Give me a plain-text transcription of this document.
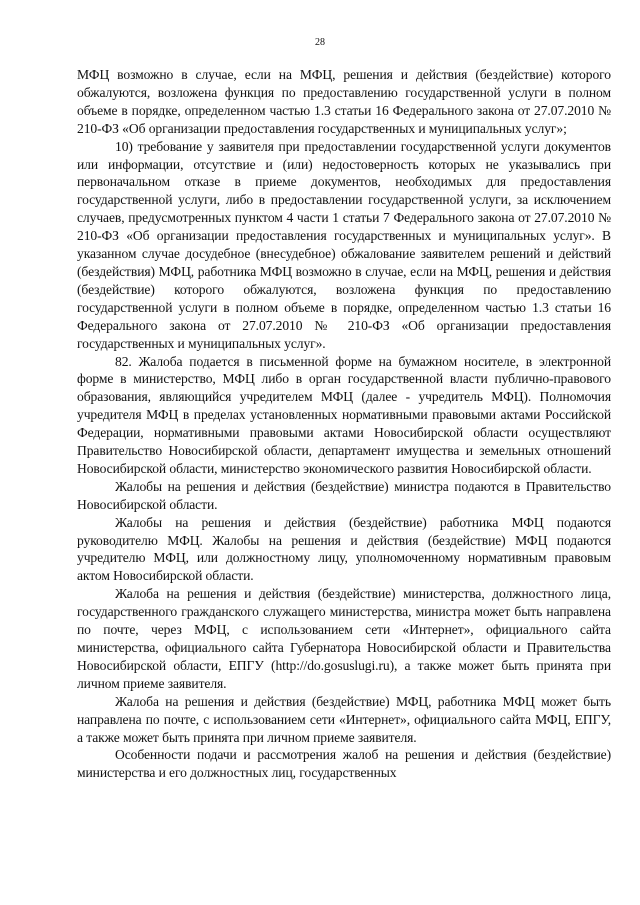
28

МФЦ возможно в случае, если на МФЦ, решения и действия (бездействие) которого обжалуются, возложена функция по предоставлению государственной услуги в полном объеме в порядке, определенном частью 1.3 статьи 16 Федерального закона от 27.07.2010 № 210-ФЗ «Об организации предоставления государственных и муниципальных услуг»;

10) требование у заявителя при предоставлении государственной услуги документов или информации, отсутствие и (или) недостоверность которых не указывались при первоначальном отказе в приеме документов, необходимых для предоставления государственной услуги, либо в предоставлении государственной услуги, за исключением случаев, предусмотренных пунктом 4 части 1 статьи 7 Федерального закона от 27.07.2010 № 210-ФЗ «Об организации предоставления государственных и муниципальных услуг». В указанном случае досудебное (внесудебное) обжалование заявителем решений и действий (бездействия) МФЦ, работника МФЦ возможно в случае, если на МФЦ, решения и действия (бездействие) которого обжалуются, возложена функция по предоставлению государственной услуги в полном объеме в порядке, определенном частью 1.3 статьи 16 Федерального закона от 27.07.2010 № 210-ФЗ «Об организации предоставления государственных и муниципальных услуг».

82. Жалоба подается в письменной форме на бумажном носителе, в электронной форме в министерство, МФЦ либо в орган государственной власти публично-правового образования, являющийся учредителем МФЦ (далее - учредитель МФЦ). Полномочия учредителя МФЦ в пределах установленных нормативными правовыми актами Российской Федерации, нормативными правовыми актами Новосибирской области осуществляют Правительство Новосибирской области, департамент имущества и земельных отношений Новосибирской области, министерство экономического развития Новосибирской области.

Жалобы на решения и действия (бездействие) министра подаются в Правительство Новосибирской области.

Жалобы на решения и действия (бездействие) работника МФЦ подаются руководителю МФЦ. Жалобы на решения и действия (бездействие) МФЦ подаются учредителю МФЦ, или должностному лицу, уполномоченному нормативным правовым актом Новосибирской области.

Жалоба на решения и действия (бездействие) министерства, должностного лица, государственного гражданского служащего министерства, министра может быть направлена по почте, через МФЦ, с использованием сети «Интернет», официального сайта министерства, официального сайта Губернатора Новосибирской области и Правительства Новосибирской области, ЕПГУ (http://do.gosuslugi.ru), а также может быть принята при личном приеме заявителя.

Жалоба на решения и действия (бездействие) МФЦ, работника МФЦ может быть направлена по почте, с использованием сети «Интернет», официального сайта МФЦ, ЕПГУ, а также может быть принята при личном приеме заявителя.

Особенности подачи и рассмотрения жалоб на решения и действия (бездействие) министерства и его должностных лиц, государственных
